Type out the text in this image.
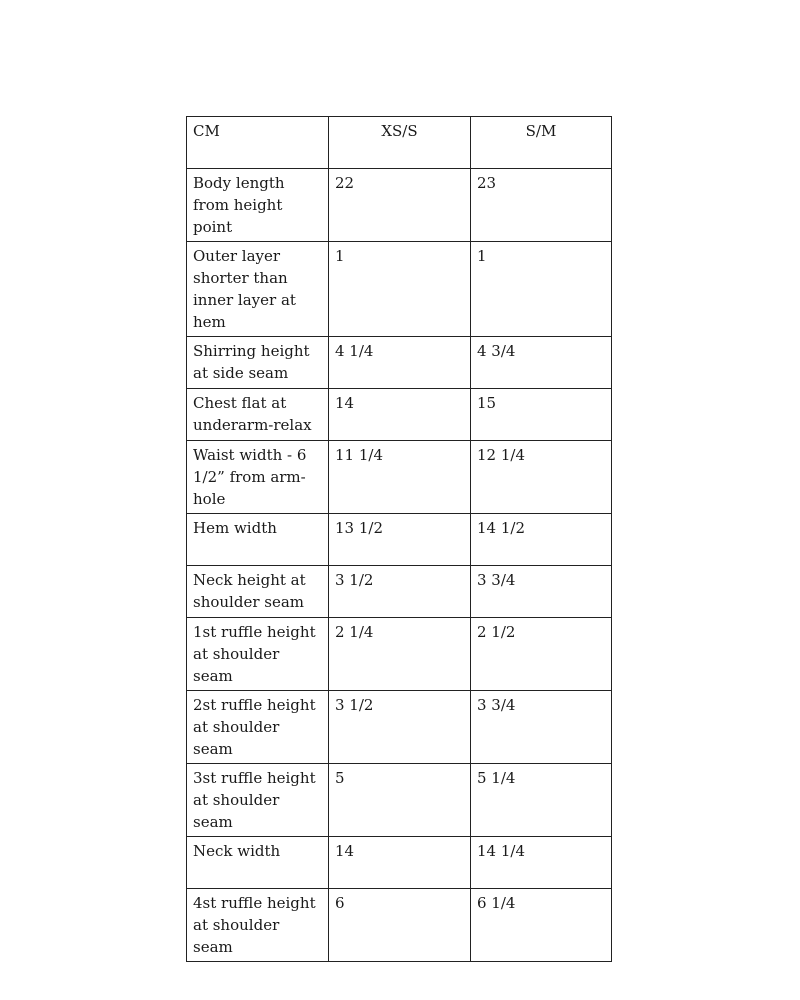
CM	XS/S	S/M
Body length from height point	22	23
Outer layer shorter than inner layer at hem	1	1
Shirring height at side seam	4 1/4	4 3/4
Chest flat at underarm-relax	14	15
Waist width - 6 1/2” from arm-hole	11 1/4	12 1/4
Hem width	13 1/2	14 1/2
Neck height at shoulder seam	3 1/2	3 3/4
1st ruffle height at shoulder seam	2 1/4	2 1/2
2st ruffle height at shoulder seam	3 1/2	3 3/4
3st ruffle height at shoulder seam	5	5 1/4
Neck width	14	14 1/4
4st ruffle height at shoulder seam	6	6 1/4
